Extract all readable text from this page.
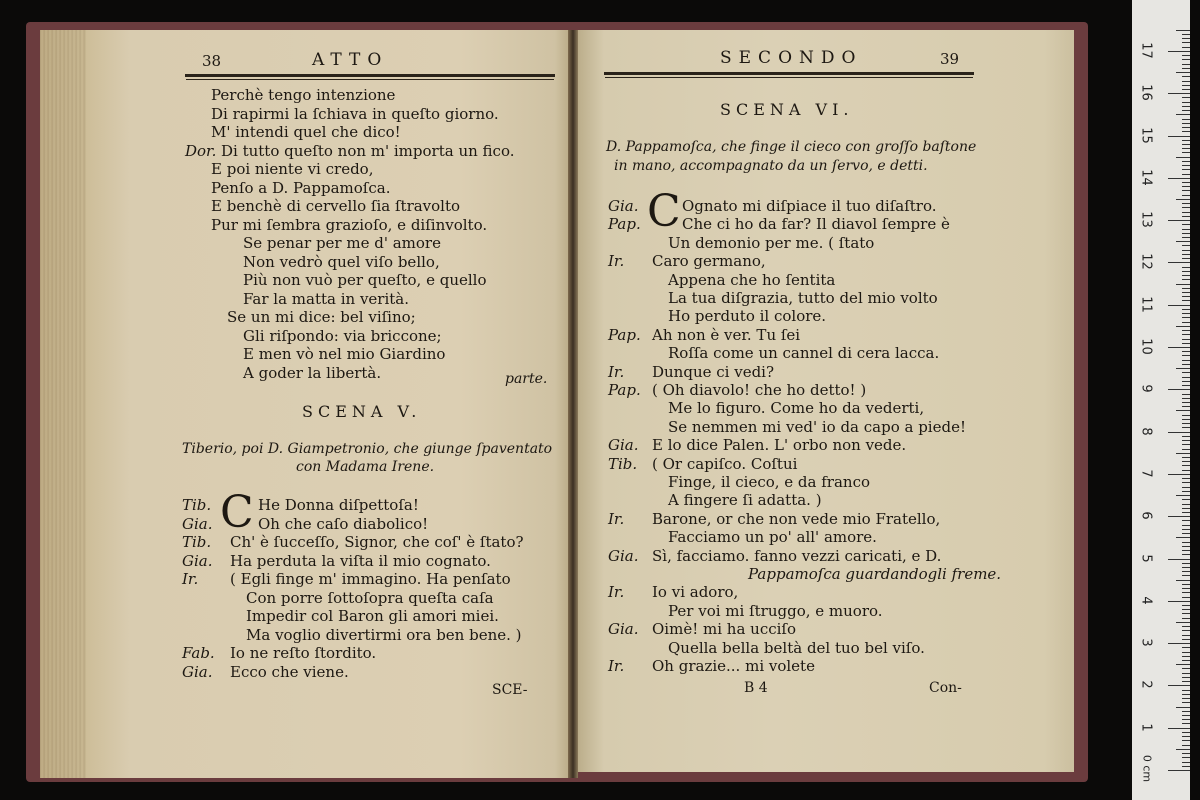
38	ATTO
Perchè tengo intenzione
Di rapirmi la ſchiava in queſto giorno.
M' intendi quel che dico!
Dor. Di tutto queſto non m' importa un fico.
E poi niente vi credo,
Penſo a D. Pappamoſca.
E benchè di cervello ſia ſtravolto
Pur mi ſembra grazioſo, e diſinvolto.
Se penar per me d' amore
Non vedrò quel viſo bello,
Più non vuò per queſto, e quello
Far la matta in verità.
Se un mi dice: bel viſino;
Gli riſpondo: via briccone;
E men vò nel mio Giardino
A goder la libertà.	parte.
SCENA V.
Tiberio, poi D. Giampetronio, che giunge ſpaventato
con Madama Irene.
C
Tib.	He Donna diſpettoſa!
Gia.	Oh che caſo diabolico!
Tib. Ch' è ſucceſſo, Signor, che coſ' è ſtato?
Gia. Ha perduta la viſta il mio cognato.
Ir. ( Egli finge m' immagino. Ha penſato
Con porre ſottoſopra queſta caſa
Impedir col Baron gli amori miei.
Ma voglio divertirmi ora ben bene. )
Fab. Io ne reſto ſtordito.
Gia. Ecco che viene.
SCE-
SECONDO	39
SCENA VI.
D. Pappamoſca, che finge il cieco con groſſo baſtone
in mano, accompagnato da un ſervo, e detti.
C
Gia.	Ognato mi diſpiace il tuo diſaſtro.
Pap.	Che ci ho da far? Il diavol ſempre è
Un demonio per me. ( ſtato
Ir. Caro germano,
Appena che ho ſentita
La tua diſgrazia, tutto del mio volto
Ho perduto il colore.
Pap. Ah non è ver. Tu ſei
Roſſa come un cannel di cera lacca.
Ir. Dunque ci vedi?
Pap. ( Oh diavolo! che ho detto! )
Me lo figuro. Come ho da vederti,
Se nemmen mi ved' io da capo a piede!
Gia. E lo dice Palen. L' orbo non vede.
Tib. ( Or capiſco. Coſtui
Finge, il cieco, e da franco
A fingere ſi adatta. )
Ir. Barone, or che non vede mio Fratello,
Facciamo un po' all' amore.
Gia. Sì, facciamo. fanno vezzi caricati, e D.
Pappamoſca guardandogli freme.
Ir. Io vi adoro,
Per voi mi ſtruggo, e muoro.
Gia. Oimè! mi ha ucciſo
Quella bella beltà del tuo bel viſo.
Ir. Oh grazie... mi volete
B 4	Con-
0 cm
1
2
3
4
5
6
7
8
9
10
11
12
13
14
15
16
17
